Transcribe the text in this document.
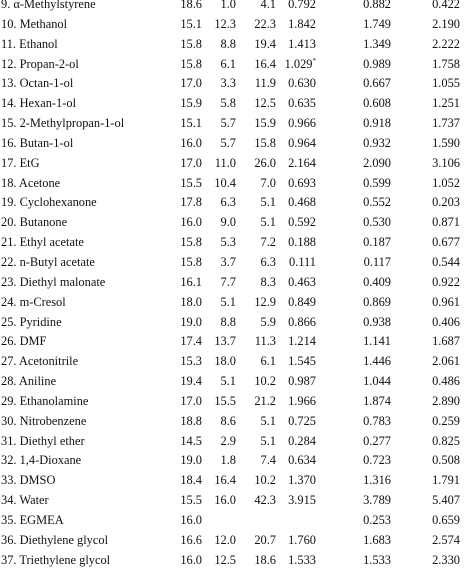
9. α-Methylstyrene	18.6 1.0 4.1 0.792	0.882	0.422
10. Methanol	15.1 12.3 22.3 1.842	1.749	2.190
11. Ethanol	15.8 8.8 19.4 1.413	1.349	2.222
12. Propan-2-ol	15.8 6.1 16.4 1.029*	0.989	1.758
13. Octan-1-ol	17.0 3.3 11.9 0.630	0.667	1.055
14. Hexan-1-ol	15.9 5.8 12.5 0.635	0.608	1.251
15. 2-Methylpropan-1-ol	15.1 5.7 15.9 0.966	0.918	1.737
16. Butan-1-ol	16.0 5.7 15.8 0.964	0.932	1.590
17. EtG	17.0 11.0 26.0 2.164	2.090	3.106
18. Acetone	15.5 10.4 7.0 0.693	0.599	1.052
19. Cyclohexanone	17.8 6.3 5.1 0.468	0.552	0.203
20. Butanone	16.0 9.0 5.1 0.592	0.530	0.871
21. Ethyl acetate	15.8 5.3 7.2 0.188	0.187	0.677
22. n-Butyl acetate	15.8 3.7 6.3 0.111	0.117	0.544
23. Diethyl malonate	16.1 7.7 8.3 0.463	0.409	0.922
24. m-Cresol	18.0 5.1 12.9 0.849	0.869	0.961
25. Pyridine	19.0 8.8 5.9 0.866	0.938	0.406
26. DMF	17.4 13.7 11.3 1.214	1.141	1.687
27. Acetonitrile	15.3 18.0 6.1 1.545	1.446	2.061
28. Aniline	19.4 5.1 10.2 0.987	1.044	0.486
29. Ethanolamine	17.0 15.5 21.2 1.966	1.874	2.890
30. Nitrobenzene	18.8 8.6 5.1 0.725	0.783	0.259
31. Diethyl ether	14.5 2.9 5.1 0.284	0.277	0.825
32. 1,4-Dioxane	19.0 1.8 7.4 0.634	0.723	0.508
33. DMSO	18.4 16.4 10.2 1.370	1.316	1.791
34. Water	15.5 16.0 42.3 3.915	3.789	5.407
35. EGMEA	16.0	0.253	0.659
36. Diethylene glycol	16.6 12.0 20.7 1.760	1.683	2.574
37. Triethylene glycol	16.0 12.5 18.6 1.533	1.533	2.330
